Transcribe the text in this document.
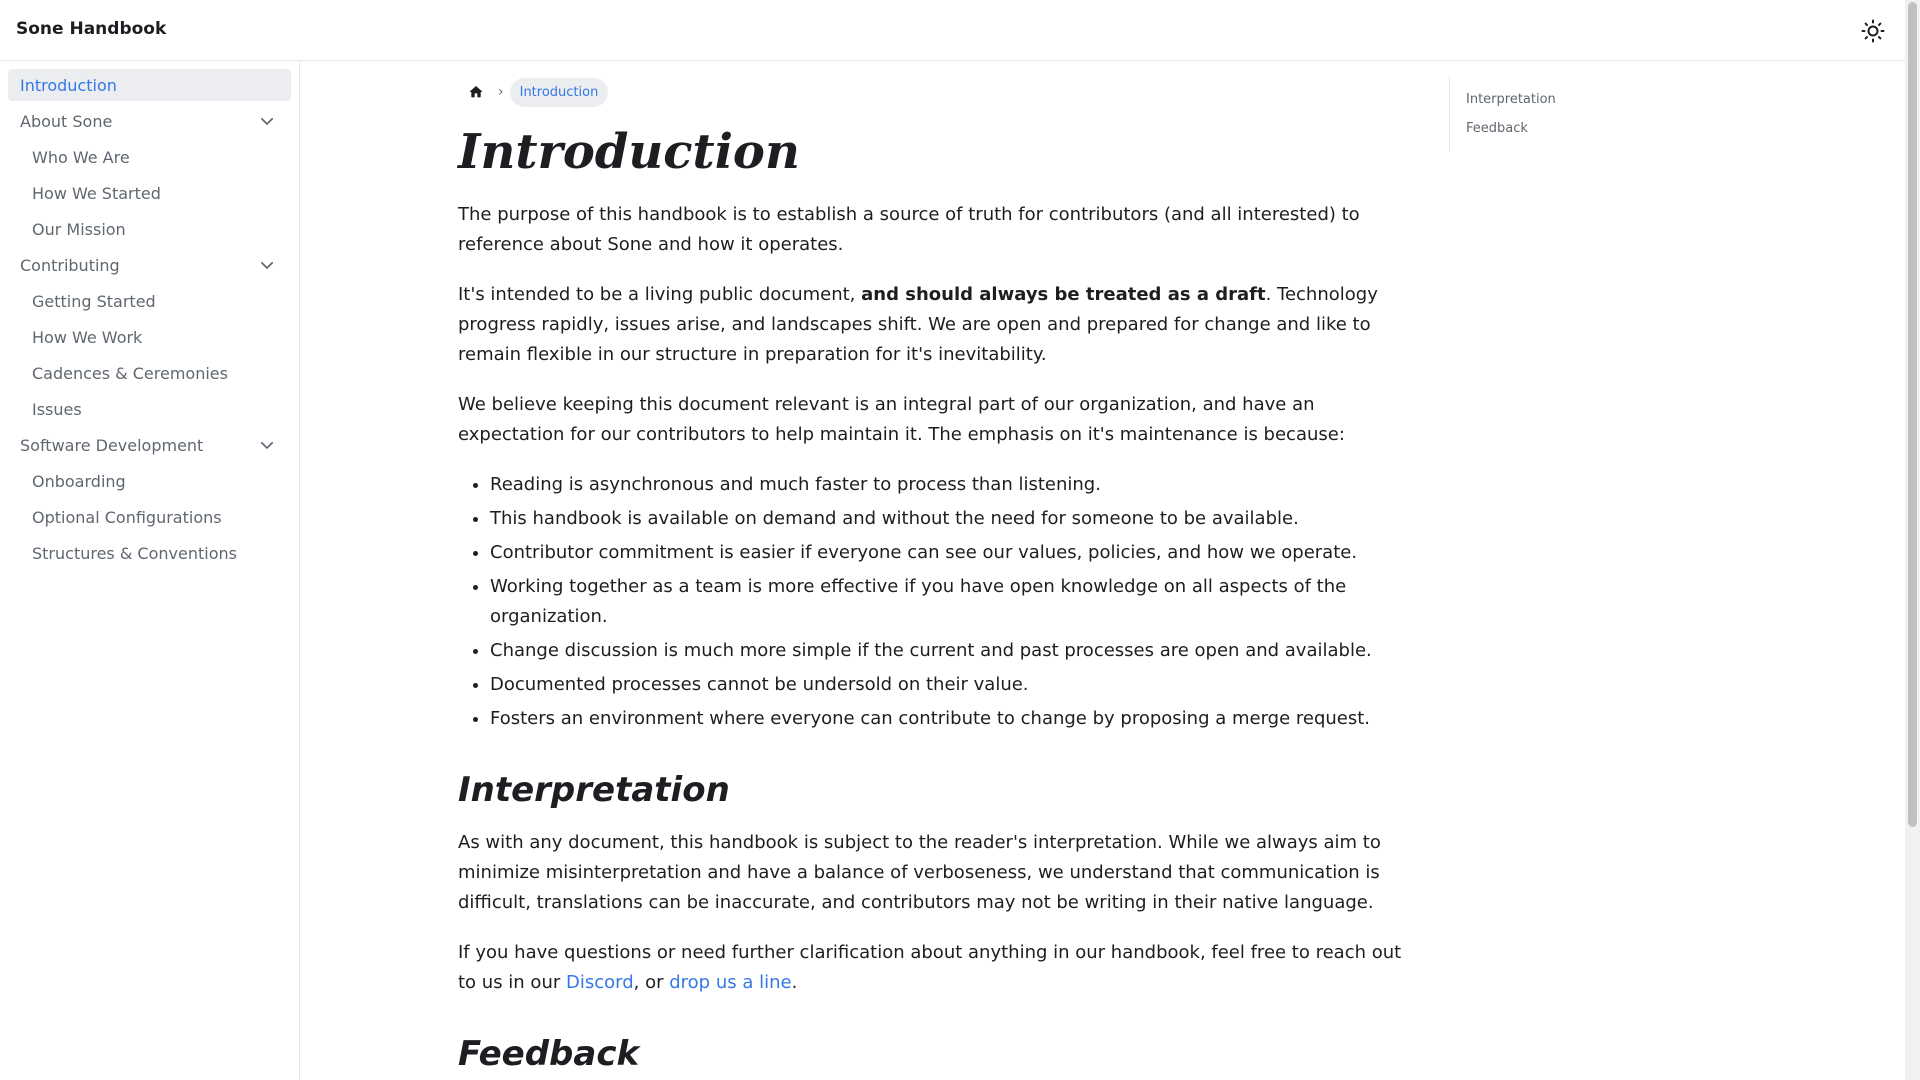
Sone Handbook
Introduction
About Sone
Who We Are
How We Started
Our Mission
Contributing
Getting Started
How We Work
Cadences & Ceremonies
Issues
Software Development
Onboarding
Optional Configurations
Structures & Conventions
›	Introduction
Introduction

The purpose of this handbook is to establish a source of truth for contributors (and all interested) to reference about Sone and how it operates.

It's intended to be a living public document, and should always be treated as a draft. Technology progress rapidly, issues arise, and landscapes shift. We are open and prepared for change and like to remain flexible in our structure in preparation for it's inevitability.

We believe keeping this document relevant is an integral part of our organization, and have an expectation for our contributors to help maintain it. The emphasis on it's maintenance is because:

• Reading is asynchronous and much faster to process than listening.
• This handbook is available on demand and without the need for someone to be available.
• Contributor commitment is easier if everyone can see our values, policies, and how we operate.
• Working together as a team is more effective if you have open knowledge on all aspects of the organization.
• Change discussion is much more simple if the current and past processes are open and available.
• Documented processes cannot be undersold on their value.
• Fosters an environment where everyone can contribute to change by proposing a merge request.
Interpretation

As with any document, this handbook is subject to the reader's interpretation. While we always aim to minimize misinterpretation and have a balance of verboseness, we understand that communication is difficult, translations can be inaccurate, and contributors may not be writing in their native language.

If you have questions or need further clarification about anything in our handbook, feel free to reach out to us in our Discord, or drop us a line.

Feedback
Interpretation
Feedback
